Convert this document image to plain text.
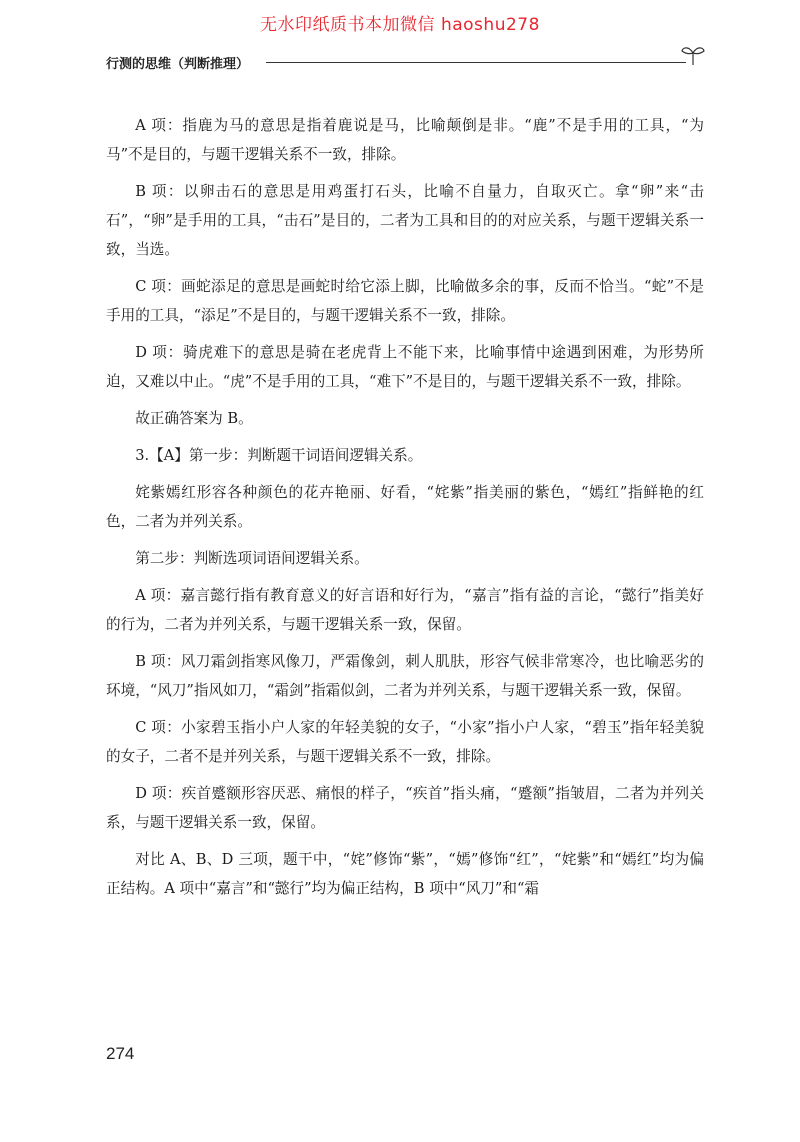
无水印纸质书本加微信 haoshu278
行测的思维（判断推理）

A 项：指鹿为马的意思是指着鹿说是马，比喻颠倒是非。“鹿”不是手用的工具，“为马”不是目的，与题干逻辑关系不一致，排除。

B 项：以卵击石的意思是用鸡蛋打石头，比喻不自量力，自取灭亡。拿“卵”来“击石”，“卵”是手用的工具，“击石”是目的，二者为工具和目的的对应关系，与题干逻辑关系一致，当选。

C 项：画蛇添足的意思是画蛇时给它添上脚，比喻做多余的事，反而不恰当。“蛇”不是手用的工具，“添足”不是目的，与题干逻辑关系不一致，排除。

D 项：骑虎难下的意思是骑在老虎背上不能下来，比喻事情中途遇到困难，为形势所迫，又难以中止。“虎”不是手用的工具，“难下”不是目的，与题干逻辑关系不一致，排除。

故正确答案为 B。

3.【A】第一步：判断题干词语间逻辑关系。

姹紫嫣红形容各种颜色的花卉艳丽、好看，“姹紫”指美丽的紫色，“嫣红”指鲜艳的红色，二者为并列关系。

第二步：判断选项词语间逻辑关系。

A 项：嘉言懿行指有教育意义的好言语和好行为，“嘉言”指有益的言论，“懿行”指美好的行为，二者为并列关系，与题干逻辑关系一致，保留。

B 项：风刀霜剑指寒风像刀，严霜像剑，刺人肌肤，形容气候非常寒冷，也比喻恶劣的环境，“风刀”指风如刀，“霜剑”指霜似剑，二者为并列关系，与题干逻辑关系一致，保留。

C 项：小家碧玉指小户人家的年轻美貌的女子，“小家”指小户人家，“碧玉”指年轻美貌的女子，二者不是并列关系，与题干逻辑关系不一致，排除。

D 项：疾首蹙额形容厌恶、痛恨的样子，“疾首”指头痛，“蹙额”指皱眉，二者为并列关系，与题干逻辑关系一致，保留。

对比 A、B、D 三项，题干中，“姹”修饰“紫”，“嫣”修饰“红”，“姹紫”和“嫣红”均为偏正结构。A 项中“嘉言”和“懿行”均为偏正结构，B 项中“风刀”和“霜

274
